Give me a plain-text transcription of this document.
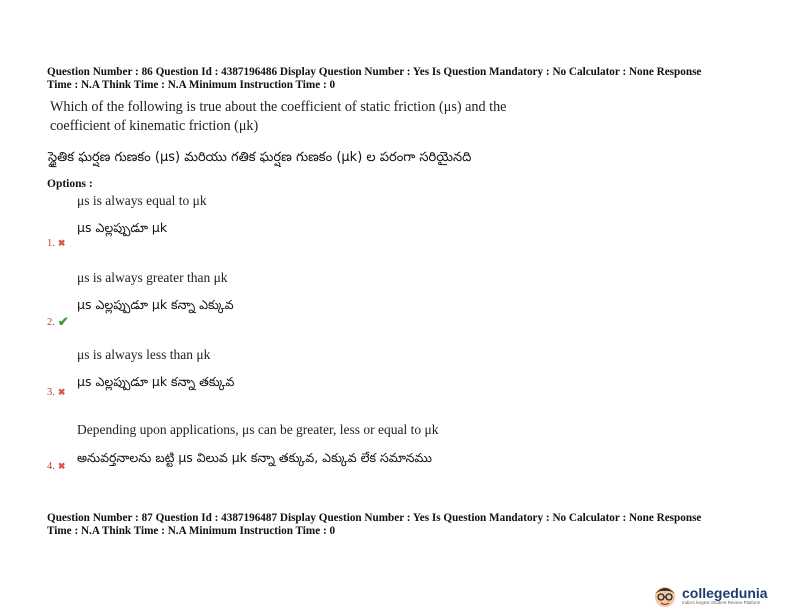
Question Number : 86 Question Id : 4387196486 Display Question Number : Yes Is Question Mandatory : No Calculator : None Response
Time : N.A Think Time : N.A Minimum Instruction Time : 0
Which of the following is true about the coefficient of static friction (μs) and the
coefficient of kinematic friction (μk)
స్థైతిక ఘర్షణ గుణకం (μs) మరియు గతిక ఘర్షణ గుణకం (μk) ల పరంగా సరియైనది
Options :
μs is always equal to μk
μs ఎల్లప్పుడూ μk
1. ✖
μs is always greater than μk
μs ఎల్లప్పుడూ μk కన్నా ఎక్కువ
2. ✔
μs is always less than μk
μs ఎల్లప్పుడూ μk కన్నా తక్కువ
3. ✖
Depending upon applications, μs can be greater, less or equal to μk
అనువర్తనాలను బట్టి μs విలువ μk కన్నా తక్కువ, ఎక్కువ లేక సమానము
4. ✖
Question Number : 87 Question Id : 4387196487 Display Question Number : Yes Is Question Mandatory : No Calculator : None Response
Time : N.A Think Time : N.A Minimum Instruction Time : 0
collegedunia
India's largest Student Review Platform
